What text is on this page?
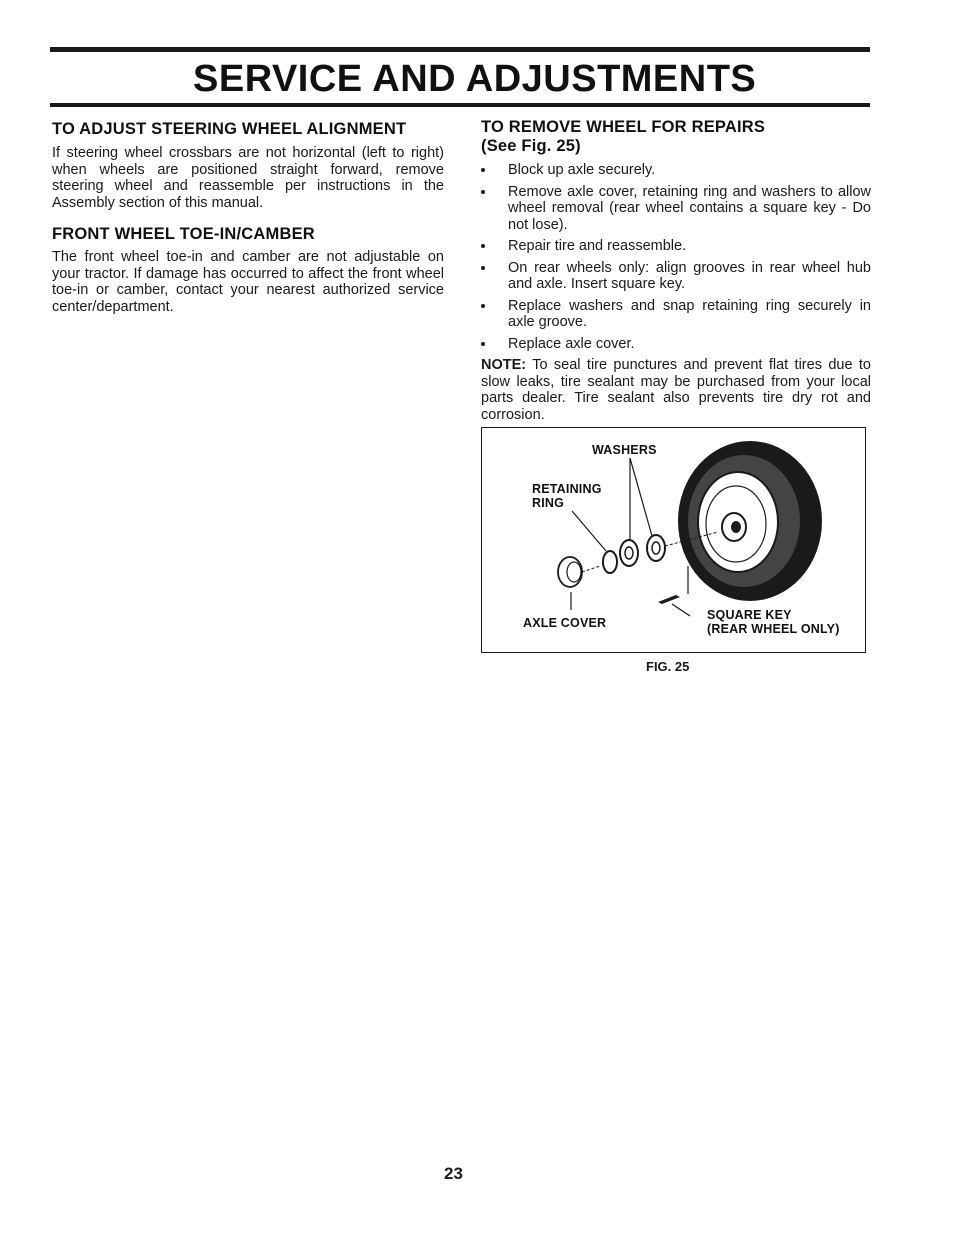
SERVICE AND ADJUSTMENTS
TO ADJUST STEERING WHEEL ALIGNMENT

If steering wheel crossbars are not horizontal (left to right) when wheels are positioned straight forward, remove steering wheel and reassemble per instructions in the Assembly section of this manual.

FRONT WHEEL TOE-IN/CAMBER

The front wheel toe-in and camber are not adjustable on your tractor. If damage has occurred to affect the front wheel toe-in or camber, contact your nearest authorized service center/department.

TO REMOVE WHEEL FOR REPAIRS
(See Fig. 25)
Block up axle securely.
Remove axle cover, retaining ring and washers to allow wheel removal (rear wheel contains a square key - Do not lose).
Repair tire and reassemble.
On rear wheels only: align grooves in rear wheel hub and axle. Insert square key.
Replace washers and snap retaining ring securely in axle groove.
Replace axle cover.

NOTE: To seal tire punctures and prevent flat tires due to slow leaks, tire sealant may be purchased from your local parts dealer. Tire sealant also prevents tire dry rot and corrosion.

WASHERS
RETAINING
RING
AXLE COVER
SQUARE KEY
(REAR WHEEL ONLY)
FIG. 25
23
